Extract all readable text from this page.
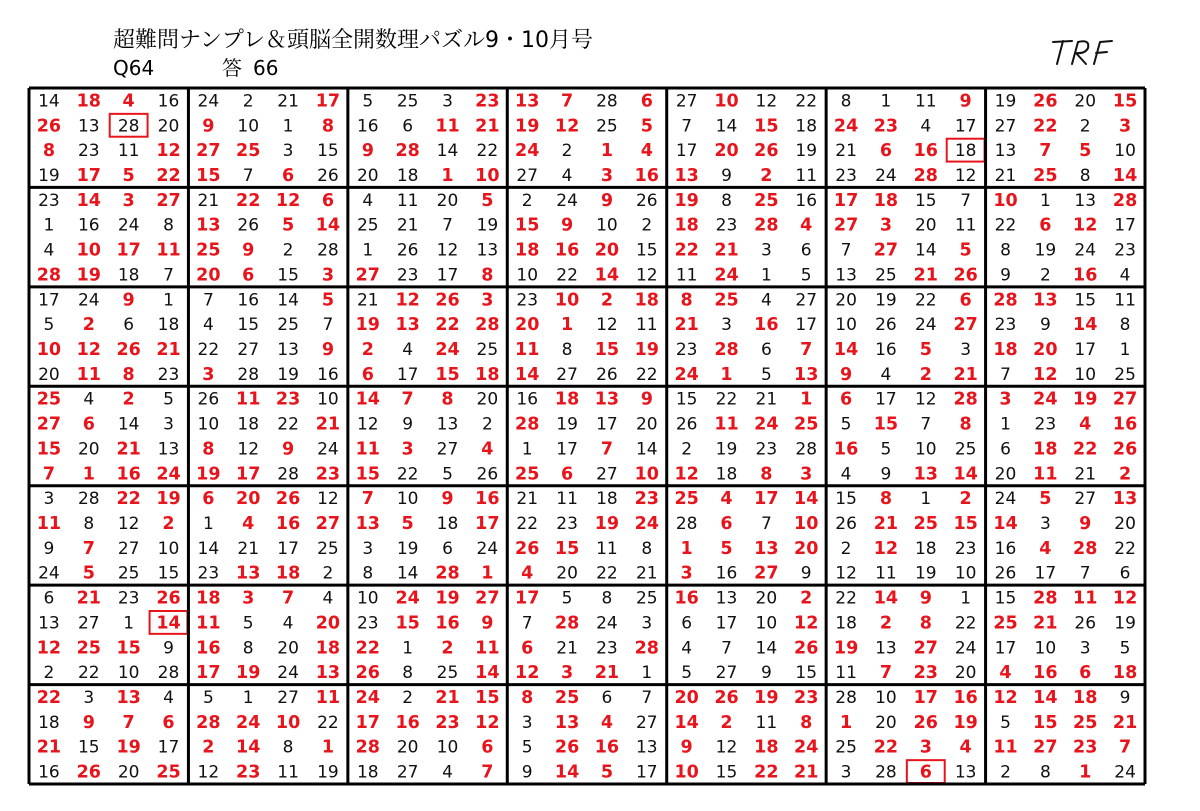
超難問ナンプレ＆頭脳全開数理パズル9・10月号
Q64	答 66
14 18 4 16 24 2 21 17 5 25 3 23 13 7 28 6 27 10 12 22 8 1 11 9 19 26 20 15
26 13 28 20 9 10 1 8 16 6 11 21 19 12 25 5 7 14 15 18 24 23 4 17 27 22 2 3
8 23 11 12 27 25 3 15 9 28 14 22 24 2 1 4 17 20 26 19 21 6 16 18 13 7 5 10
19 17 5 22 15 7 6 26 20 18 1 10 27 4 3 16 13 9 2 11 23 24 28 12 21 25 8 14
23 14 3 27 21 22 12 6 4 11 20 5 2 24 9 26 19 8 25 16 17 18 15 7 10 1 13 28
1 16 24 8 13 26 5 14 25 21 7 19 15 9 10 2 18 23 28 4 27 3 20 11 22 6 12 17
4 10 17 11 25 9 2 28 1 26 12 13 18 16 20 15 22 21 3 6 7 27 14 5 8 19 24 23
28 19 18 7 20 6 15 3 27 23 17 8 10 22 14 12 11 24 1 5 13 25 21 26 9 2 16 4
17 24 9 1 7 16 14 5 21 12 26 3 23 10 2 18 8 25 4 27 20 19 22 6 28 13 15 11
5 2 6 18 4 15 25 7 19 13 22 28 20 1 12 11 21 3 16 17 10 26 24 27 23 9 14 8
10 12 26 21 22 27 13 9 2 4 24 25 11 8 15 19 23 28 6 7 14 16 5 3 18 20 17 1
20 11 8 23 3 28 19 16 6 17 15 18 14 27 26 22 24 1 5 13 9 4 2 21 7 12 10 25
25 4 2 5 26 11 23 10 14 7 8 20 16 18 13 9 15 22 21 1 6 17 12 28 3 24 19 27
27 6 14 3 10 18 22 21 12 9 13 2 28 19 17 20 26 11 24 25 5 15 7 8 1 23 4 16
15 20 21 13 8 12 9 24 11 3 27 4 1 17 7 14 2 19 23 28 16 5 10 25 6 18 22 26
7 1 16 24 19 17 28 23 15 22 5 26 25 6 27 10 12 18 8 3 4 9 13 14 20 11 21 2
3 28 22 19 6 20 26 12 7 10 9 16 21 11 18 23 25 4 17 14 15 8 1 2 24 5 27 13
11 8 12 2 1 4 16 27 13 5 18 17 22 23 19 24 28 6 7 10 26 21 25 15 14 3 9 20
9 7 27 10 14 21 17 25 3 19 6 24 26 15 11 8 1 5 13 20 2 12 18 23 16 4 28 22
24 5 25 15 23 13 18 2 8 14 28 1 4 20 22 21 3 16 27 9 12 11 19 10 26 17 7 6
6 21 23 26 18 3 7 4 10 24 19 27 17 5 8 25 16 13 20 2 22 14 9 1 15 28 11 12
13 27 1 14 11 5 4 20 23 15 16 9 7 28 24 3 6 17 10 12 18 2 8 22 25 21 26 19
12 25 15 9 16 8 20 18 22 1 2 11 6 21 23 28 4 7 14 26 19 13 27 24 17 10 3 5
2 22 10 28 17 19 24 13 26 8 25 14 12 3 21 1 5 27 9 15 11 7 23 20 4 16 6 18
22 3 13 4 5 1 27 11 24 2 21 15 8 25 6 7 20 26 19 23 28 10 17 16 12 14 18 9
18 9 7 6 28 24 10 22 17 16 23 12 3 13 4 27 14 2 11 8 1 20 26 19 5 15 25 21
21 15 19 17 2 14 8 1 28 20 10 6 5 26 16 13 9 12 18 24 25 22 3 4 11 27 23 7
16 26 20 25 12 23 11 19 18 27 4 7 9 14 5 17 10 15 22 21 3 28 6 13 2 8 1 24
